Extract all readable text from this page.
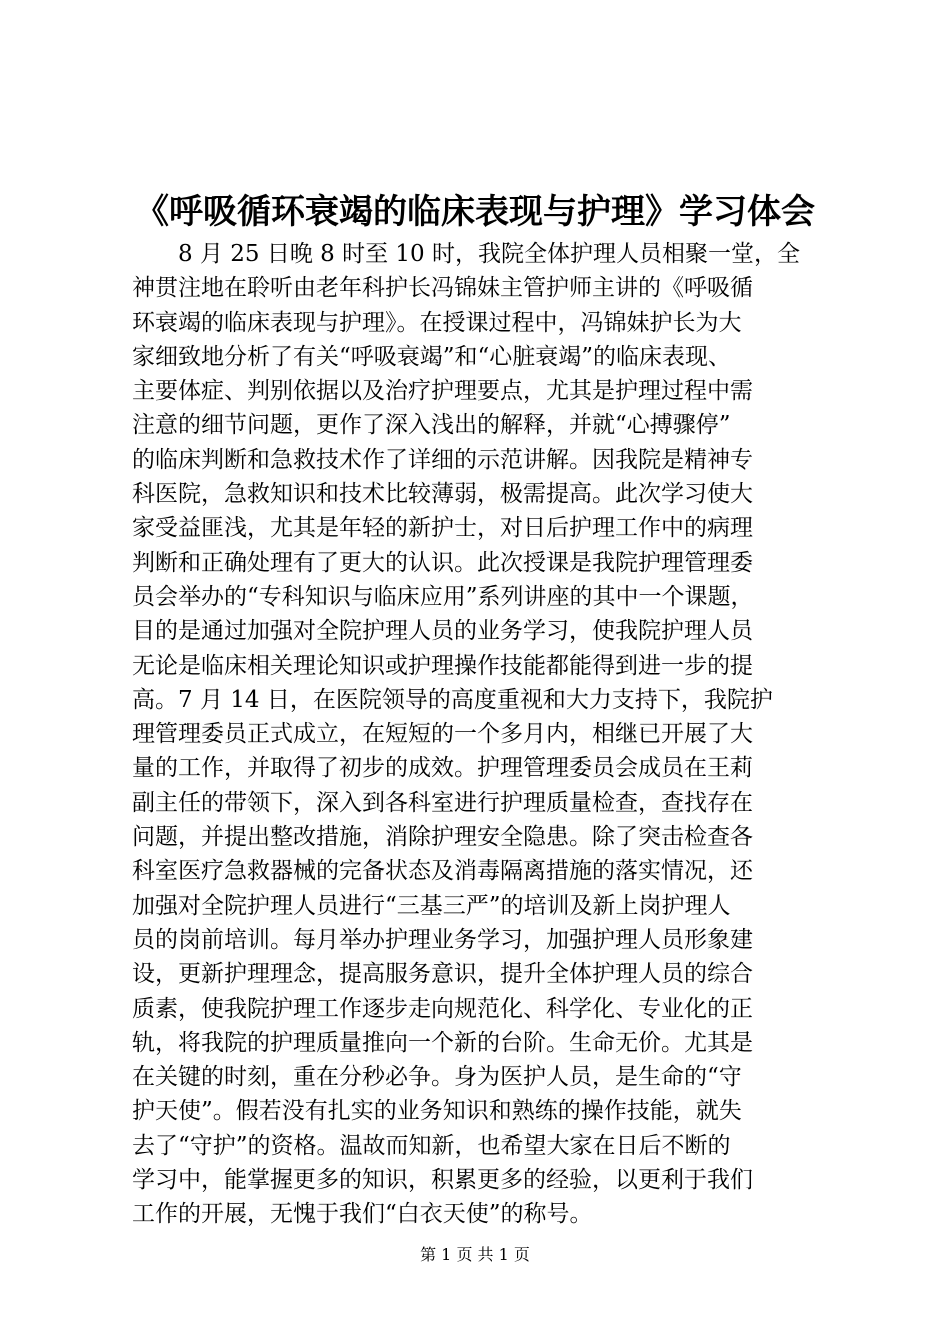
《呼吸循环衰竭的临床表现与护理》学习体会
8 月 25 日晚 8 时至 10 时，我院全体护理人员相聚一堂，全
神贯注地在聆听由老年科护长冯锦妹主管护师主讲的《呼吸循
环衰竭的临床表现与护理》。在授课过程中，冯锦妹护长为大
家细致地分析了有关“呼吸衰竭”和“心脏衰竭”的临床表现、
主要体症、判别依据以及治疗护理要点，尤其是护理过程中需
注意的细节问题，更作了深入浅出的解释，并就“心搏骤停”
的临床判断和急救技术作了详细的示范讲解。因我院是精神专
科医院，急救知识和技术比较薄弱，极需提高。此次学习使大
家受益匪浅，尤其是年轻的新护士，对日后护理工作中的病理
判断和正确处理有了更大的认识。此次授课是我院护理管理委
员会举办的“专科知识与临床应用”系列讲座的其中一个课题，
目的是通过加强对全院护理人员的业务学习，使我院护理人员
无论是临床相关理论知识或护理操作技能都能得到进一步的提
高。7 月 14 日，在医院领导的高度重视和大力支持下，我院护
理管理委员正式成立，在短短的一个多月内，相继已开展了大
量的工作，并取得了初步的成效。护理管理委员会成员在王莉
副主任的带领下，深入到各科室进行护理质量检查，查找存在
问题，并提出整改措施，消除护理安全隐患。除了突击检查各
科室医疗急救器械的完备状态及消毒隔离措施的落实情况，还
加强对全院护理人员进行“三基三严”的培训及新上岗护理人
员的岗前培训。每月举办护理业务学习，加强护理人员形象建
设，更新护理理念，提高服务意识，提升全体护理人员的综合
质素，使我院护理工作逐步走向规范化、科学化、专业化的正
轨，将我院的护理质量推向一个新的台阶。生命无价。尤其是
在关键的时刻，重在分秒必争。身为医护人员，是生命的“守
护天使”。假若没有扎实的业务知识和熟练的操作技能，就失
去了“守护”的资格。温故而知新，也希望大家在日后不断的
学习中，能掌握更多的知识，积累更多的经验，以更利于我们
工作的开展，无愧于我们“白衣天使”的称号。
第 1 页 共 1 页
